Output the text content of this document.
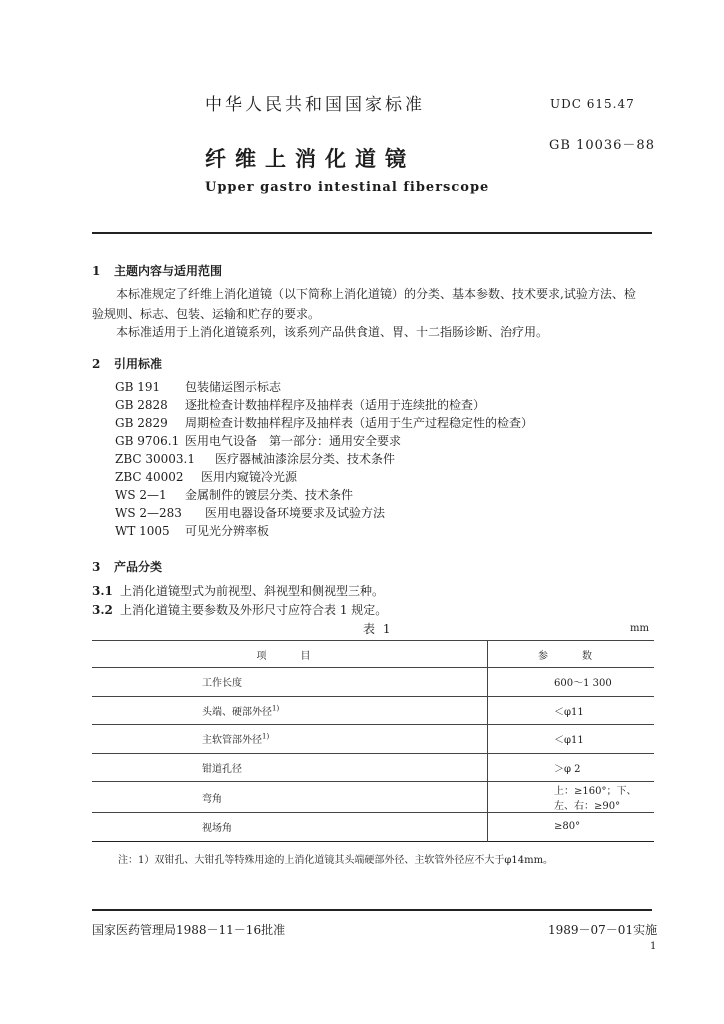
中华人民共和国国家标准	UDC 615.47
GB 10036－88
纤维上消化道镜
Upper gastro intestinal fiberscope
1 主题内容与适用范围
本标准规定了纤维上消化道镜（以下简称上消化道镜）的分类、基本参数、技术要求,试验方法、检验规则、标志、包装、运输和贮存的要求。
本标准适用于上消化道镜系列，该系列产品供食道、胃、十二指肠诊断、治疗用。
2 引用标准
GB 191 包装储运图示标志
GB 2828 逐批检查计数抽样程序及抽样表（适用于连续批的检查）
GB 2829 周期检查计数抽样程序及抽样表（适用于生产过程稳定性的检查）
GB 9706.1 医用电气设备　第一部分：通用安全要求
ZBC 30003.1 医疗器械油漆涂层分类、技术条件
ZBC 40002 医用内窥镜冷光源
WS 2—1 金属制件的镀层分类、技术条件
WS 2—283 医用电器设备环境要求及试验方法
WT 1005 可见光分辨率板
3 产品分类
3.1 上消化道镜型式为前视型、斜视型和侧视型三种。
3.2 上消化道镜主要参数及外形尺寸应符合表 1 规定。
表 1	mm
项　目	参　数
工作长度	600～1 300
头端、硬部外径$^{1)}$	＜φ11
主软管部外径$^{1)}$	＜φ11
钳道孔径	＞φ 2
弯角	上：≥160°；下、左、右：≥90°
视场角	≥80°
注：1）双钳孔、大钳孔等特殊用途的上消化道镜其头端硬部外径、主软管外径应不大于φ14mm。
国家医药管理局1988－11－16批准	1989－07－01实施
1
